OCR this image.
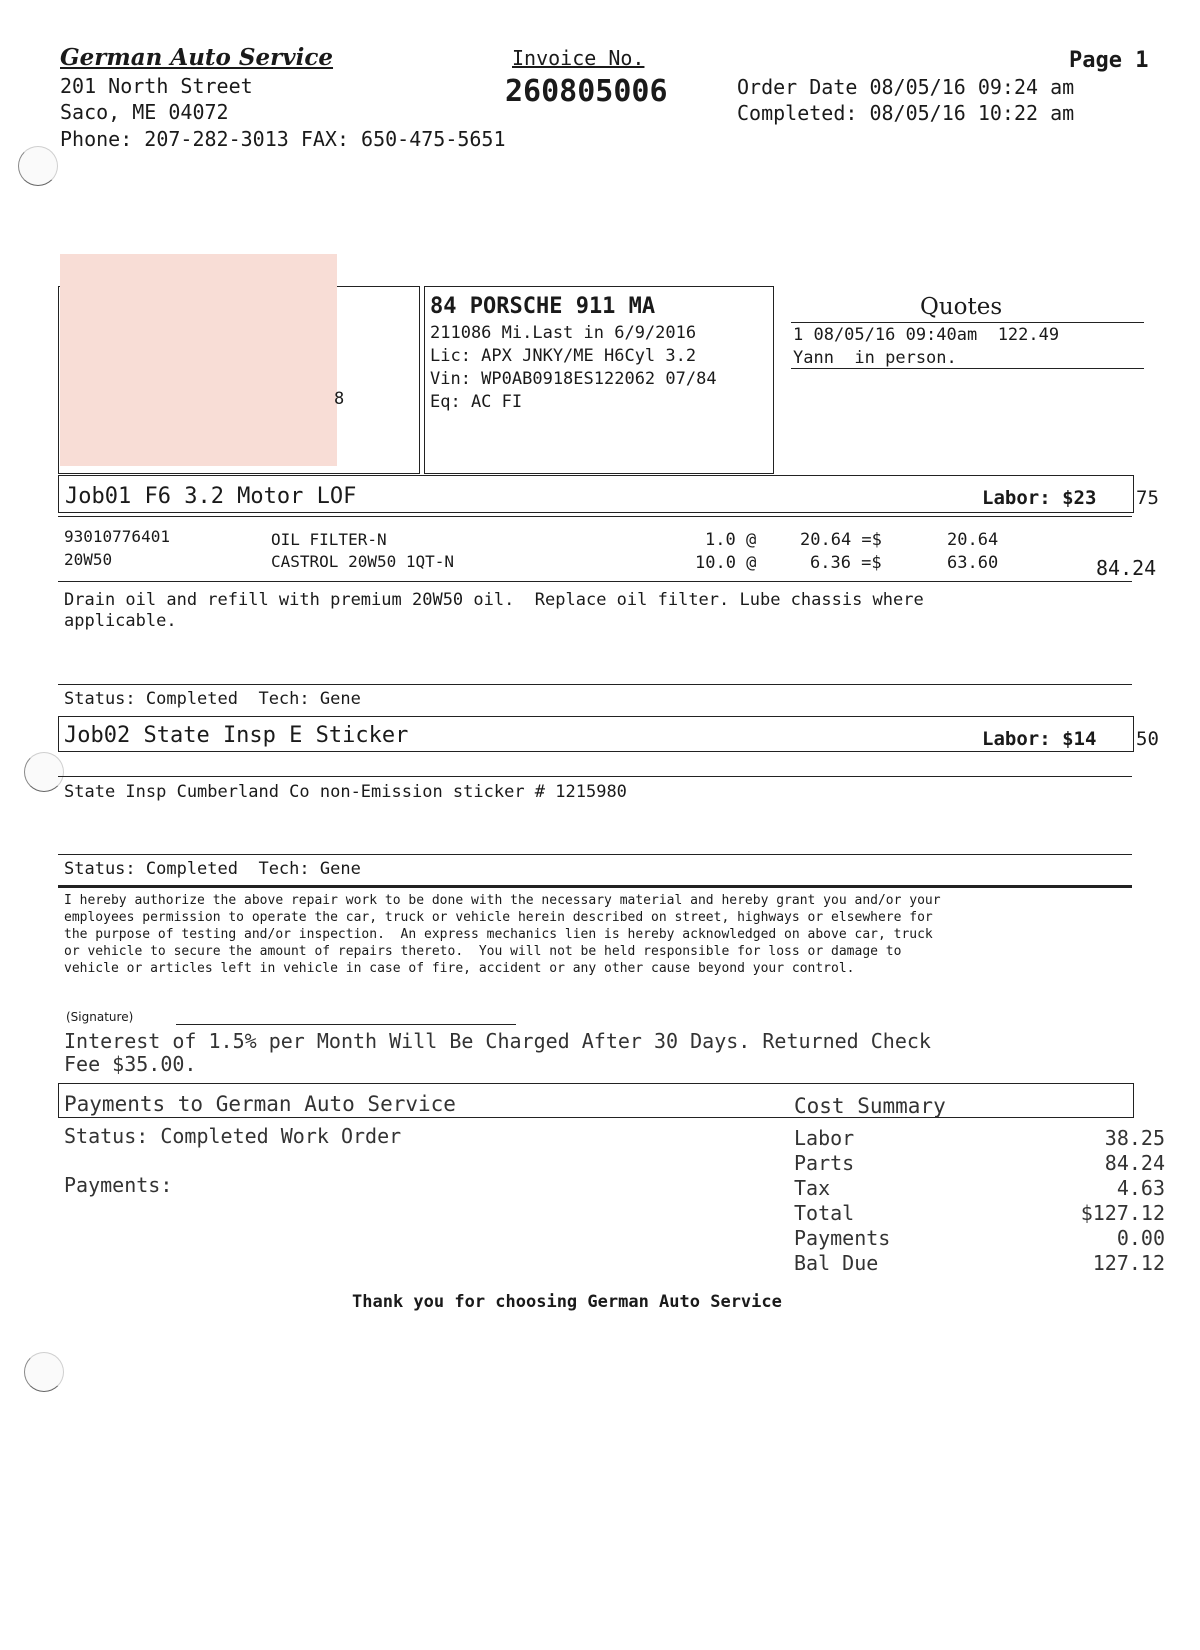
German Auto Service
201 North Street
Saco, ME 04072
Phone: 207-282-3013 FAX: 650-475-5651
Invoice No.
260805006
Page 1
Order Date 08/05/16 09:24 am
Completed: 08/05/16 10:22 am
8
84 PORSCHE 911 MA
211086 Mi.Last in 6/9/2016
Lic: APX JNKY/ME H6Cyl 3.2
Vin: WP0AB0918ES122062 07/84
Eq: AC FI
Quotes
1 08/05/16 09:40am  122.49
Yann  in person.
Job01 F6 3.2 Motor LOF	Labor: $23 75
93010776401	OIL FILTER-N	1.0 @	20.64 =$	20.64
20W50	CASTROL 20W50 1QT-N	10.0 @	6.36 =$	63.60	84.24
Drain oil and refill with premium 20W50 oil.  Replace oil filter. Lube chassis where
applicable.
Status: Completed  Tech: Gene
Job02 State Insp E Sticker	Labor: $14 50
State Insp Cumberland Co non-Emission sticker # 1215980
Status: Completed  Tech: Gene
I hereby authorize the above repair work to be done with the necessary material and hereby grant you and/or your
employees permission to operate the car, truck or vehicle herein described on street, highways or elsewhere for
the purpose of testing and/or inspection.  An express mechanics lien is hereby acknowledged on above car, truck
or vehicle to secure the amount of repairs thereto.  You will not be held responsible for loss or damage to
vehicle or articles left in vehicle in case of fire, accident or any other cause beyond your control.
(Signature)
Interest of 1.5% per Month Will Be Charged After 30 Days. Returned Check
Fee $35.00.
Payments to German Auto Service	Cost Summary
Status: Completed Work Order
Payments:
Labor	38.25
Parts	84.24
Tax	4.63
Total	$127.12
Payments	0.00
Bal Due	127.12
Thank you for choosing German Auto Service
